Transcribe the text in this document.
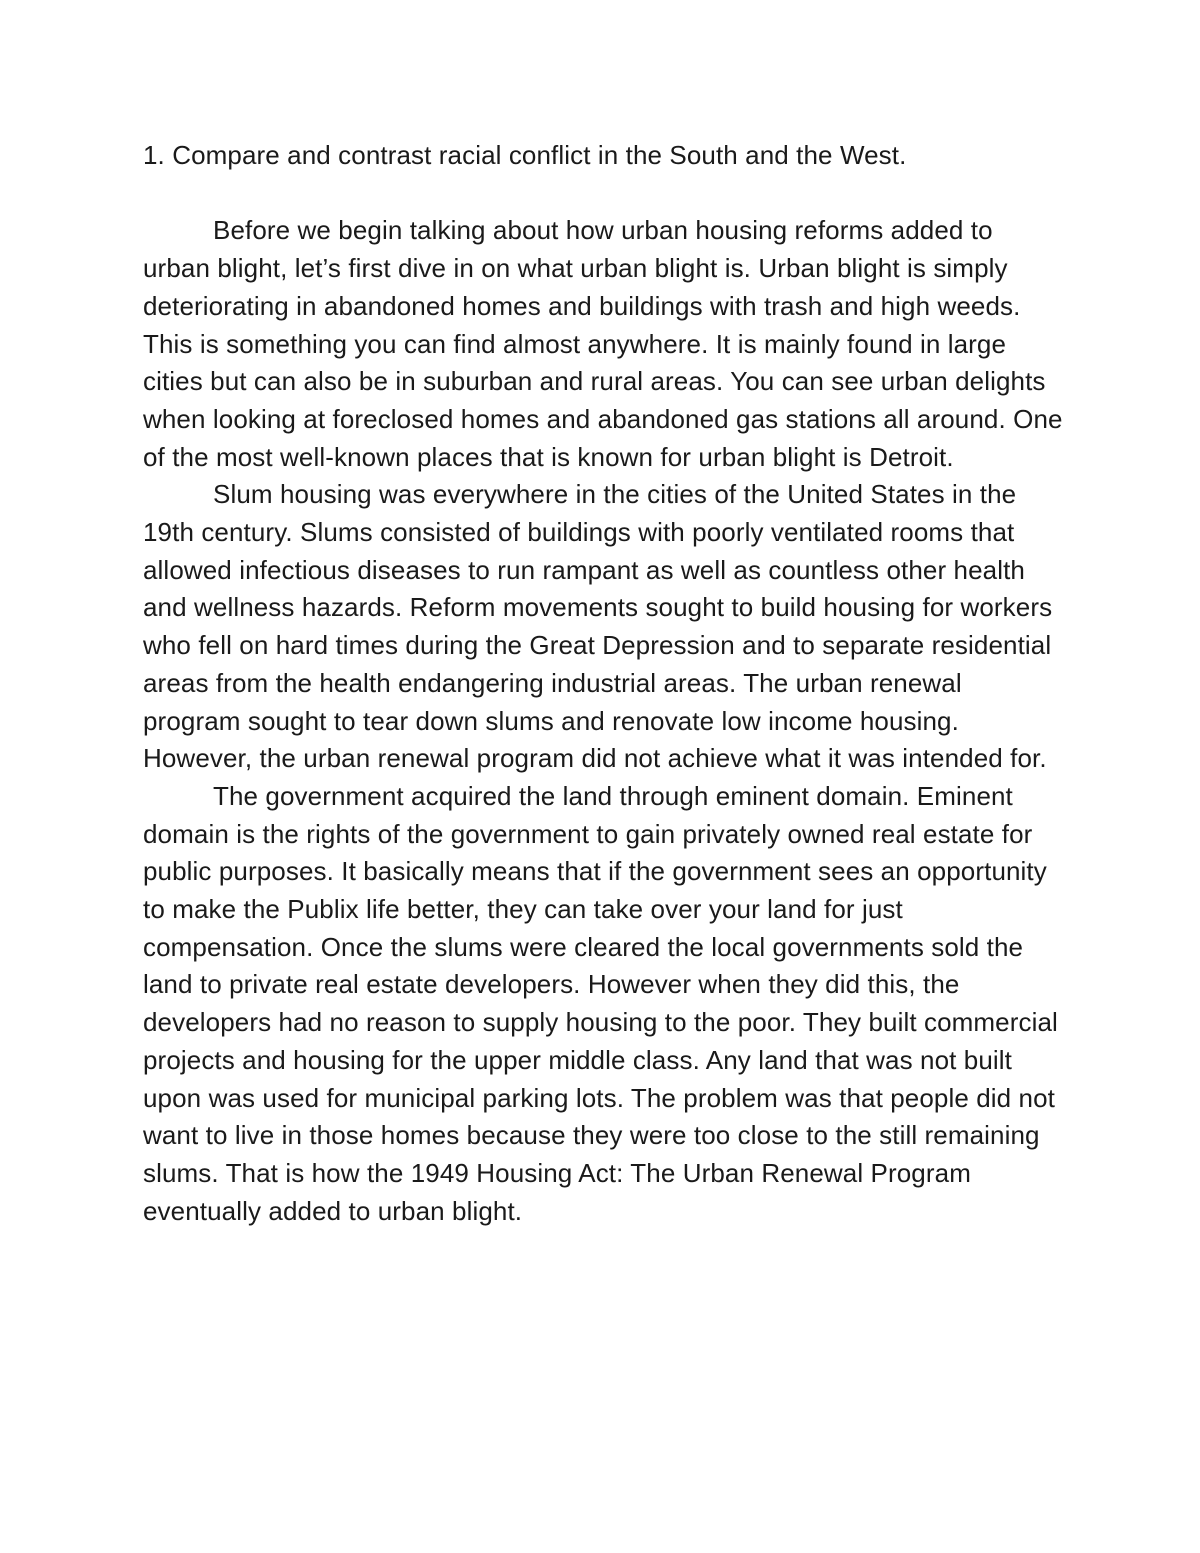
1. Compare and contrast racial conflict in the South and the West.

Before we begin talking about how urban housing reforms added to urban blight, let’s first dive in on what urban blight is. Urban blight is simply deteriorating in abandoned homes and buildings with trash and high weeds. This is something you can find almost anywhere. It is mainly found in large cities but can also be in suburban and rural areas. You can see urban delights when looking at foreclosed homes and abandoned gas stations all around. One of the most well-known places that is known for urban blight is Detroit.

Slum housing was everywhere in the cities of the United States in the 19th century. Slums consisted of buildings with poorly ventilated rooms that allowed infectious diseases to run rampant as well as countless other health and wellness hazards. Reform movements sought to build housing for workers who fell on hard times during the Great Depression and to separate residential areas from the health endangering industrial areas. The urban renewal program sought to tear down slums and renovate low income housing. However, the urban renewal program did not achieve what it was intended for.

The government acquired the land through eminent domain. Eminent domain is the rights of the government to gain privately owned real estate for public purposes. It basically means that if the government sees an opportunity to make the Publix life better, they can take over your land for just compensation. Once the slums were cleared the local governments sold the land to private real estate developers. However when they did this, the developers had no reason to supply housing to the poor. They built commercial projects and housing for the upper middle class. Any land that was not built upon was used for municipal parking lots. The problem was that people did not want to live in those homes because they were too close to the still remaining slums. That is how the 1949 Housing Act: The Urban Renewal Program eventually added to urban blight.
